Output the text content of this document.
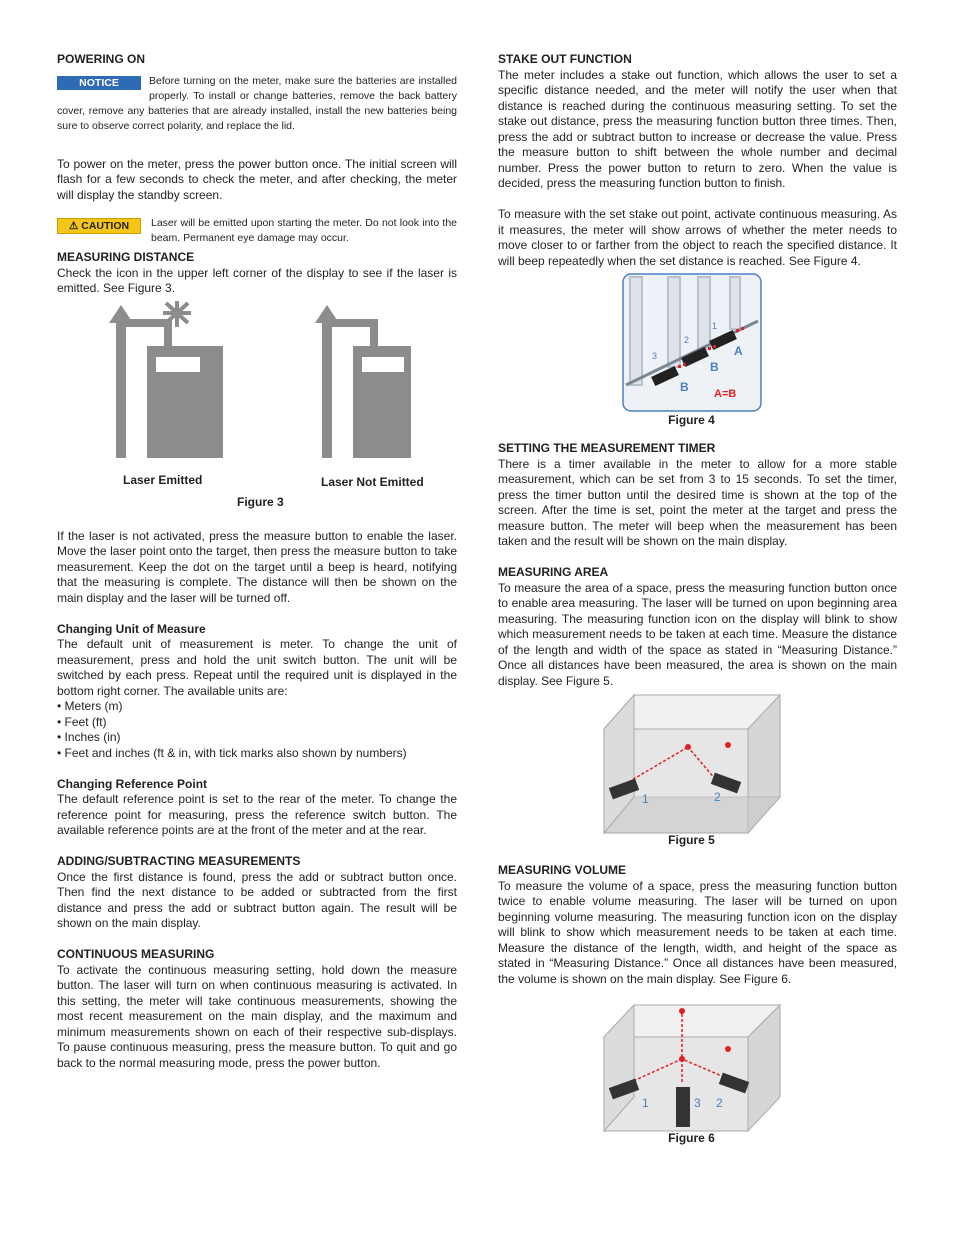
POWERING ON
NOTICE	Before turning on the meter, make sure the batteries are installed properly. To install or change batteries, remove the back battery cover, remove any batteries that are already installed, install the new batteries being sure to observe correct polarity, and replace the lid.

To power on the meter, press the power button once. The initial screen will flash for a few seconds to check the meter, and after checking, the meter will display the standby screen.

⚠ CAUTION	Laser will be emitted upon starting the meter. Do not look into the beam. Permanent eye damage may occur.

MEASURING DISTANCE

Check the icon in the upper left corner of the display to see if the laser is emitted. See Figure 3.

Laser Emitted	Laser Not Emitted
Figure 3

If the laser is not activated, press the measure button to enable the laser. Move the laser point onto the target, then press the measure button to take measurement. Keep the dot on the target until a beep is heard, notifying that the measuring is complete. The distance will then be shown on the main display and the laser will be turned off.

Changing Unit of Measure

The default unit of measurement is meter. To change the unit of measurement, press and hold the unit switch button. The unit will be switched by each press. Repeat until the required unit is displayed in the bottom right corner. The available units are:

• Meters (m)
• Feet (ft)
• Inches (in)
• Feet and inches (ft & in, with tick marks also shown by numbers)
Changing Reference Point

The default reference point is set to the rear of the meter. To change the reference point for measuring, press the reference switch button. The available reference points are at the front of the meter and at the rear.

ADDING/SUBTRACTING MEASUREMENTS

Once the first distance is found, press the add or subtract button once. Then find the next distance to be added or subtracted from the first distance and press the add or subtract button again. The result will be shown on the main display.

CONTINUOUS MEASURING

To activate the continuous measuring setting, hold down the measure button. The laser will turn on when continuous measuring is activated. In this setting, the meter will take continuous measurements, showing the most recent measurement on the main display, and the maximum and minimum measurements shown on each of their respective sub-displays. To pause continuous measuring, press the measure button. To quit and go back to the normal measuring mode, press the power button.

STAKE OUT FUNCTION

The meter includes a stake out function, which allows the user to set a specific distance needed, and the meter will notify the user when that distance is reached during the continuous measuring setting. To set the stake out distance, press the measuring function button three times. Then, press the add or subtract button to increase or decrease the value. Press the measure button to shift between the whole number and decimal number. Press the power button to return to zero. When the value is decided, press the measuring function button to finish.

To measure with the set stake out point, activate continuous measuring. As it measures, the meter will show arrows of whether the meter needs to move closer to or farther from the object to reach the specified distance. It will beep repeatedly when the set distance is reached. See Figure 4.

B
B
A
A=B
3
2
1
Figure 4
SETTING THE MEASUREMENT TIMER

There is a timer available in the meter to allow for a more stable measurement, which can be set from 3 to 15 seconds. To set the timer, press the timer button until the desired time is shown at the top of the screen. After the time is set, point the meter at the target and press the measure button. The meter will beep when the measurement has been taken and the result will be shown on the main display.

MEASURING AREA

To measure the area of a space, press the measuring function button once to enable area measuring. The laser will be turned on upon beginning area measuring. The measuring function icon on the display will blink to show which measurement needs to be taken at each time. Measure the distance of the length and width of the space as stated in “Measuring Distance.” Once all distances have been measured, the area is shown on the main display. See Figure 5.

1	2
Figure 5
MEASURING VOLUME

To measure the volume of a space, press the measuring function button twice to enable volume measuring. The laser will be turned on upon beginning volume measuring. The measuring function icon on the display will blink to show which measurement needs to be taken at each time. Measure the distance of the length, width, and height of the space as stated in “Measuring Distance.” Once all distances have been measured, the volume is shown on the main display. See Figure 6.

1	3 2
Figure 6
